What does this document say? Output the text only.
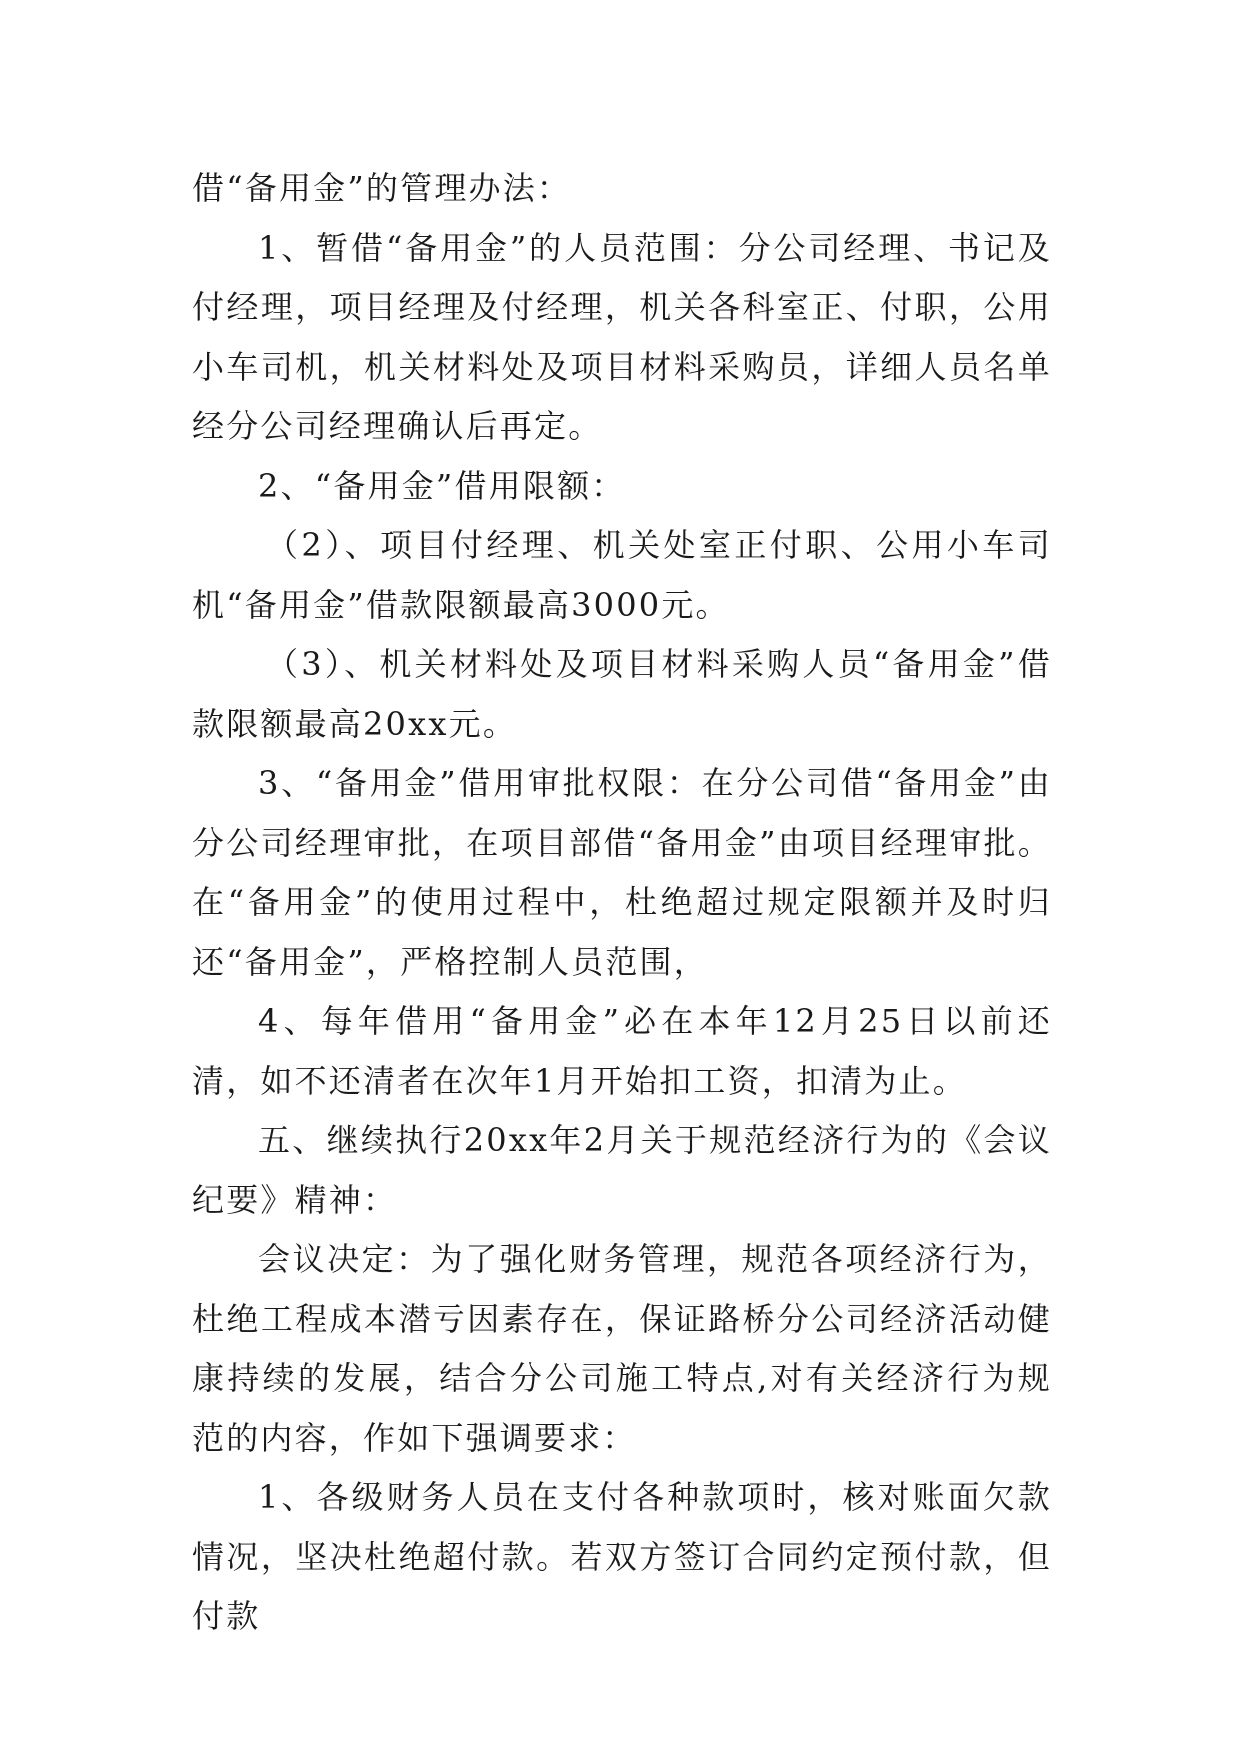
借“备用金”的管理办法：

1、暂借“备用金”的人员范围：分公司经理、书记及付经理，项目经理及付经理，机关各科室正、付职，公用小车司机，机关材料处及项目材料采购员，详细人员名单经分公司经理确认后再定。

2、“备用金”借用限额：

（2）、项目付经理、机关处室正付职、公用小车司机“备用金”借款限额最高3000元。

（3）、机关材料处及项目材料采购人员“备用金”借款限额最高20xx元。

3、“备用金”借用审批权限：在分公司借“备用金”由分公司经理审批，在项目部借“备用金”由项目经理审批。在“备用金”的使用过程中，杜绝超过规定限额并及时归还“备用金”，严格控制人员范围，

4、每年借用“备用金”必在本年12月25日以前还清，如不还清者在次年1月开始扣工资，扣清为止。

五、继续执行20xx年2月关于规范经济行为的《会议纪要》精神：

会议决定：为了强化财务管理，规范各项经济行为，杜绝工程成本潜亏因素存在，保证路桥分公司经济活动健康持续的发展，结合分公司施工特点,对有关经济行为规范的内容，作如下强调要求：

1、各级财务人员在支付各种款项时，核对账面欠款情况，坚决杜绝超付款。若双方签订合同约定预付款，但付款
